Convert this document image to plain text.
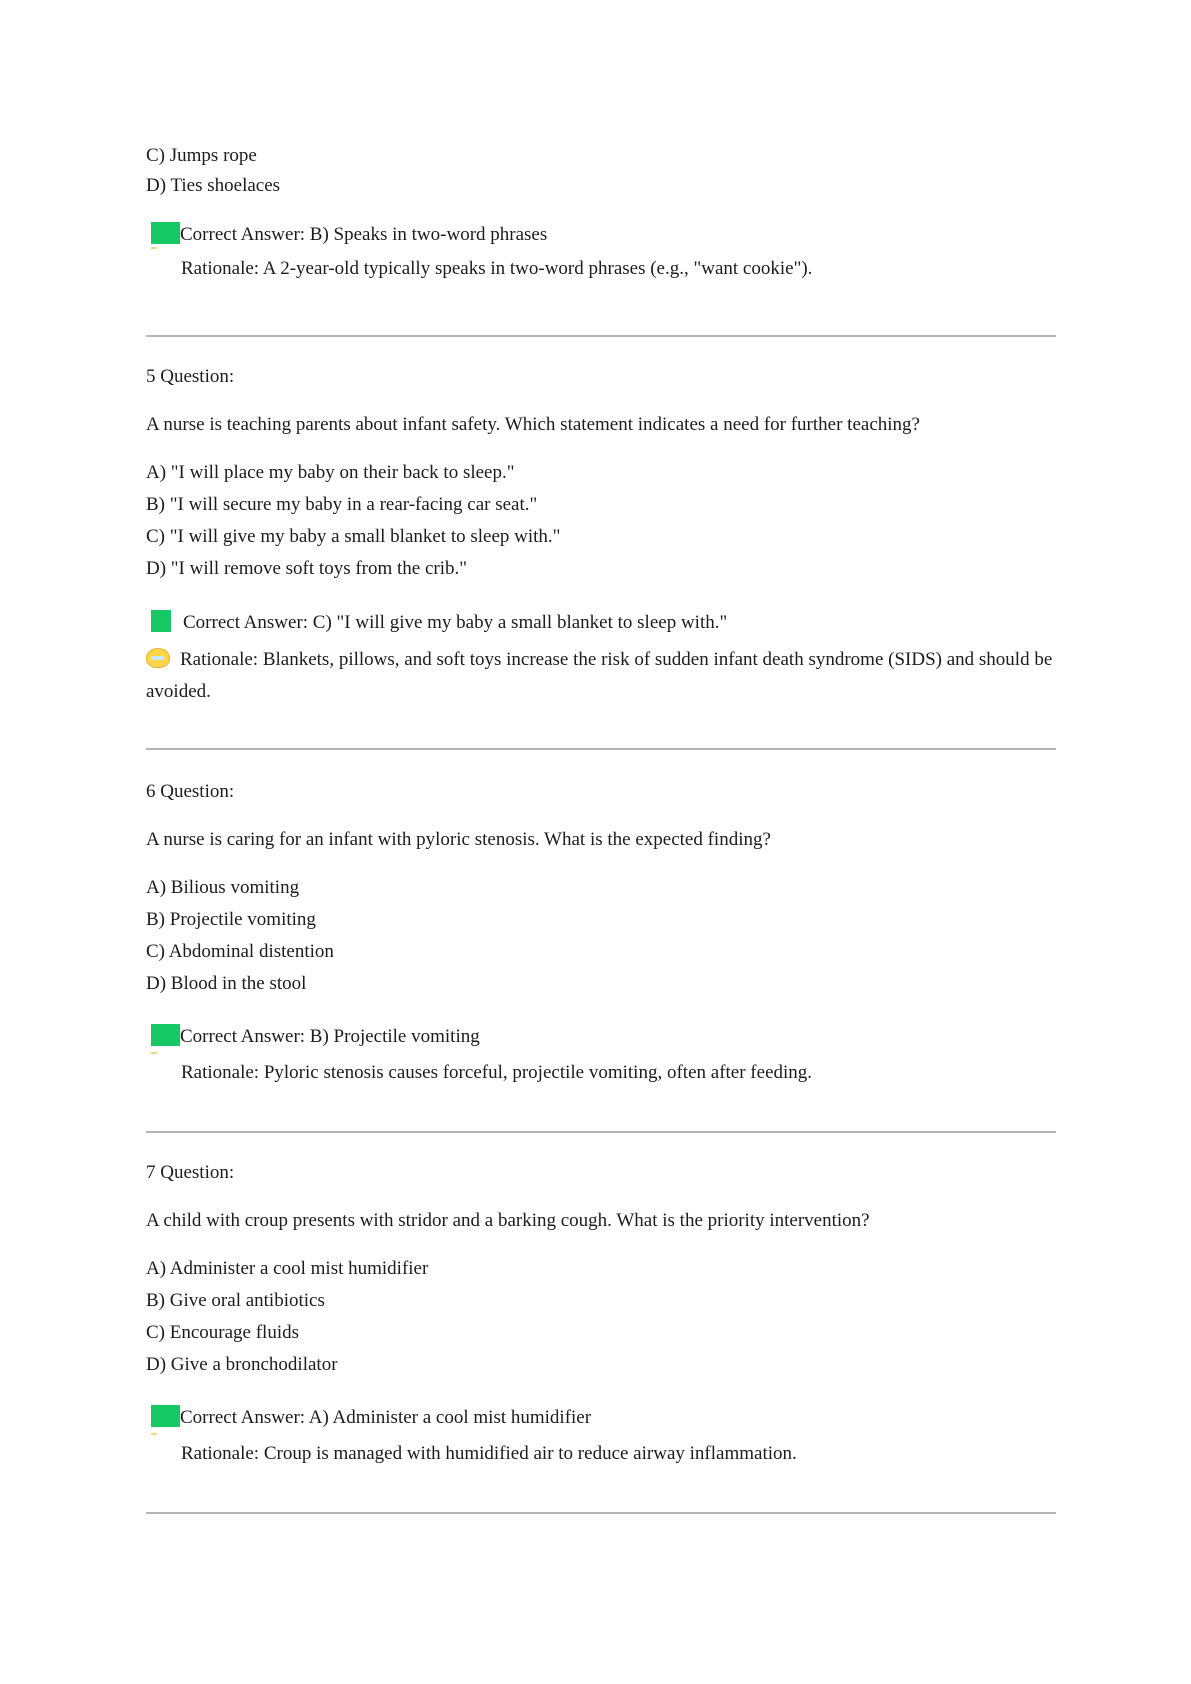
C) Jumps rope
D) Ties shoelaces
Correct Answer: B) Speaks in two-word phrases
Rationale: A 2-year-old typically speaks in two-word phrases (e.g., "want cookie").
5 Question:
A nurse is teaching parents about infant safety. Which statement indicates a need for further teaching?
A) "I will place my baby on their back to sleep."
B) "I will secure my baby in a rear-facing car seat."
C) "I will give my baby a small blanket to sleep with."
D) "I will remove soft toys from the crib."
Correct Answer: C) "I will give my baby a small blanket to sleep with."
Rationale: Blankets, pillows, and soft toys increase the risk of sudden infant death syndrome (SIDS) and should be avoided.
6 Question:
A nurse is caring for an infant with pyloric stenosis. What is the expected finding?
A) Bilious vomiting
B) Projectile vomiting
C) Abdominal distention
D) Blood in the stool
Correct Answer: B) Projectile vomiting
Rationale: Pyloric stenosis causes forceful, projectile vomiting, often after feeding.
7 Question:
A child with croup presents with stridor and a barking cough. What is the priority intervention?
A) Administer a cool mist humidifier
B) Give oral antibiotics
C) Encourage fluids
D) Give a bronchodilator
Correct Answer: A) Administer a cool mist humidifier
Rationale: Croup is managed with humidified air to reduce airway inflammation.
